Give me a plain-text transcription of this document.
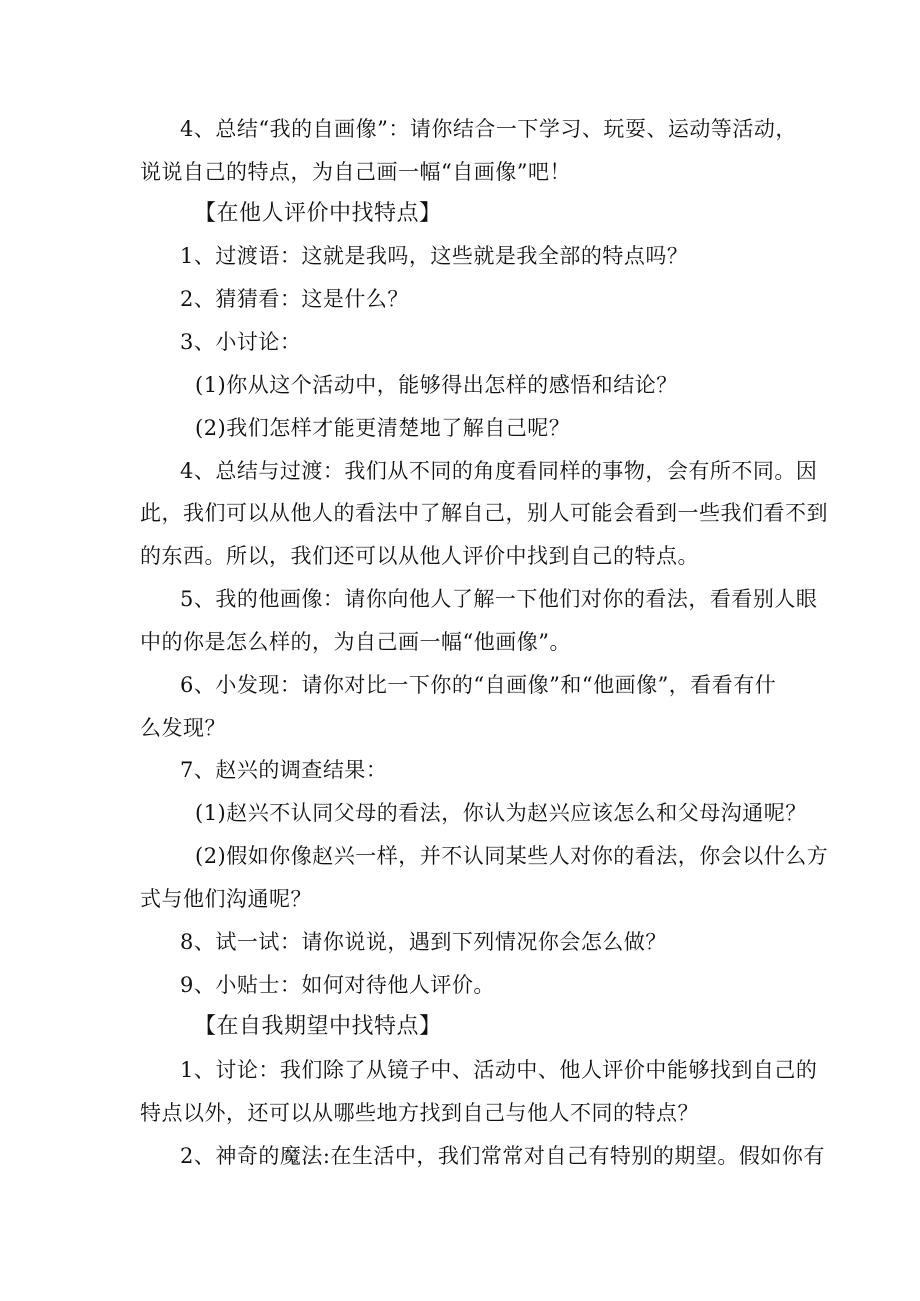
4、总结“我的自画像”：请你结合一下学习、玩耍、运动等活动，
说说自己的特点，为自己画一幅“自画像”吧！
【在他人评价中找特点】
1、过渡语：这就是我吗，这些就是我全部的特点吗？
2、猜猜看：这是什么？
3、小讨论：
(1)你从这个活动中，能够得出怎样的感悟和结论？
(2)我们怎样才能更清楚地了解自己呢？
4、总结与过渡：我们从不同的角度看同样的事物，会有所不同。因
此，我们可以从他人的看法中了解自己，别人可能会看到一些我们看不到
的东西。所以，我们还可以从他人评价中找到自己的特点。
5、我的他画像：请你向他人了解一下他们对你的看法，看看别人眼
中的你是怎么样的，为自己画一幅“他画像”。
6、小发现：请你对比一下你的“自画像”和“他画像”，看看有什
么发现？
7、赵兴的调查结果：
(1)赵兴不认同父母的看法，你认为赵兴应该怎么和父母沟通呢？
(2)假如你像赵兴一样，并不认同某些人对你的看法，你会以什么方
式与他们沟通呢？
8、试一试：请你说说，遇到下列情况你会怎么做？
9、小贴士：如何对待他人评价。
【在自我期望中找特点】
1、讨论：我们除了从镜子中、活动中、他人评价中能够找到自己的
特点以外，还可以从哪些地方找到自己与他人不同的特点？
2、神奇的魔法:在生活中，我们常常对自己有特别的期望。假如你有
